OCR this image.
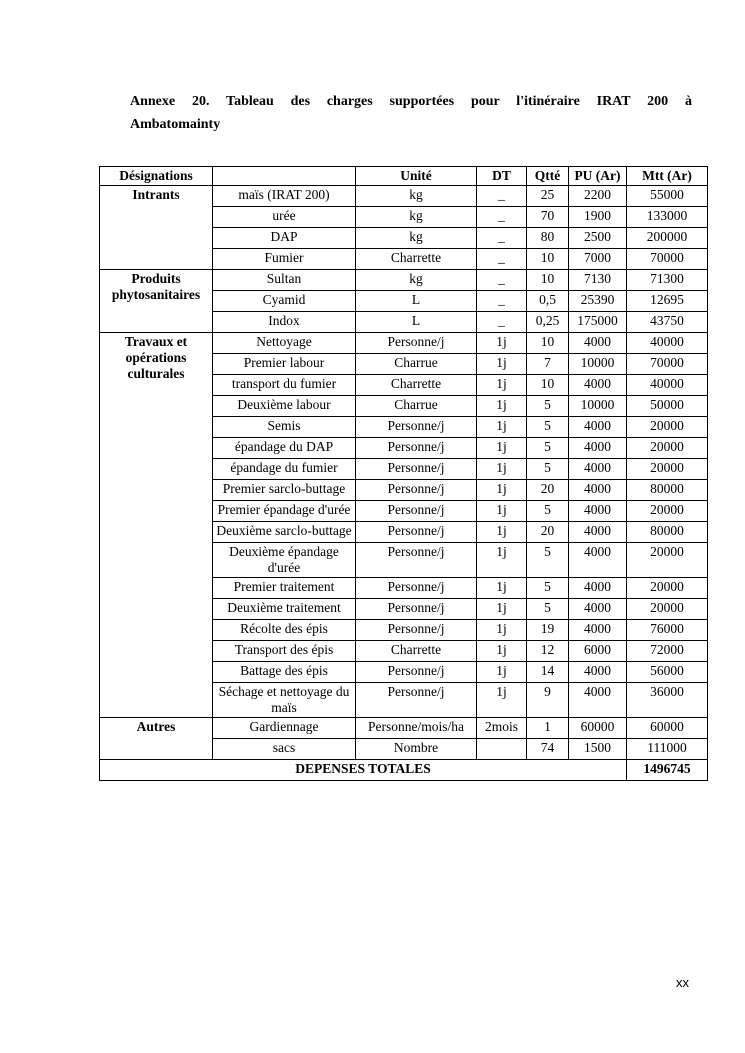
Annexe 20. Tableau des charges supportées pour l'itinéraire IRAT 200 à
Ambatomainty
Désignations		Unité	DT	Qtté	PU (Ar)	Mtt (Ar)
Intrants	maïs (IRAT 200)	kg	_	25	2200	55000
	urée	kg	_	70	1900	133000
	DAP	kg	_	80	2500	200000
	Fumier	Charrette	_	10	7000	70000
Produits phytosanitaires	Sultan	kg	_	10	7130	71300
	Cyamid	L	_	0,5	25390	12695
	Indox	L	_	0,25	175000	43750
Travaux et opérations culturales	Nettoyage	Personne/j	1j	10	4000	40000
	Premier labour	Charrue	1j	7	10000	70000
	transport du fumier	Charrette	1j	10	4000	40000
	Deuxième labour	Charrue	1j	5	10000	50000
	Semis	Personne/j	1j	5	4000	20000
	épandage du DAP	Personne/j	1j	5	4000	20000
	épandage du fumier	Personne/j	1j	5	4000	20000
	Premier sarclo-buttage	Personne/j	1j	20	4000	80000
	Premier épandage d'urée	Personne/j	1j	5	4000	20000
	Deuxième sarclo-buttage	Personne/j	1j	20	4000	80000
	Deuxième épandage d'urée	Personne/j	1j	5	4000	20000
	Premier traitement	Personne/j	1j	5	4000	20000
	Deuxième traitement	Personne/j	1j	5	4000	20000
	Récolte des épis	Personne/j	1j	19	4000	76000
	Transport des épis	Charrette	1j	12	6000	72000
	Battage des épis	Personne/j	1j	14	4000	56000
	Séchage et nettoyage du maïs	Personne/j	1j	9	4000	36000
Autres	Gardiennage	Personne/mois/ha	2mois	1	60000	60000
	sacs	Nombre		74	1500	111000
DEPENSES TOTALES						1496745
xx
